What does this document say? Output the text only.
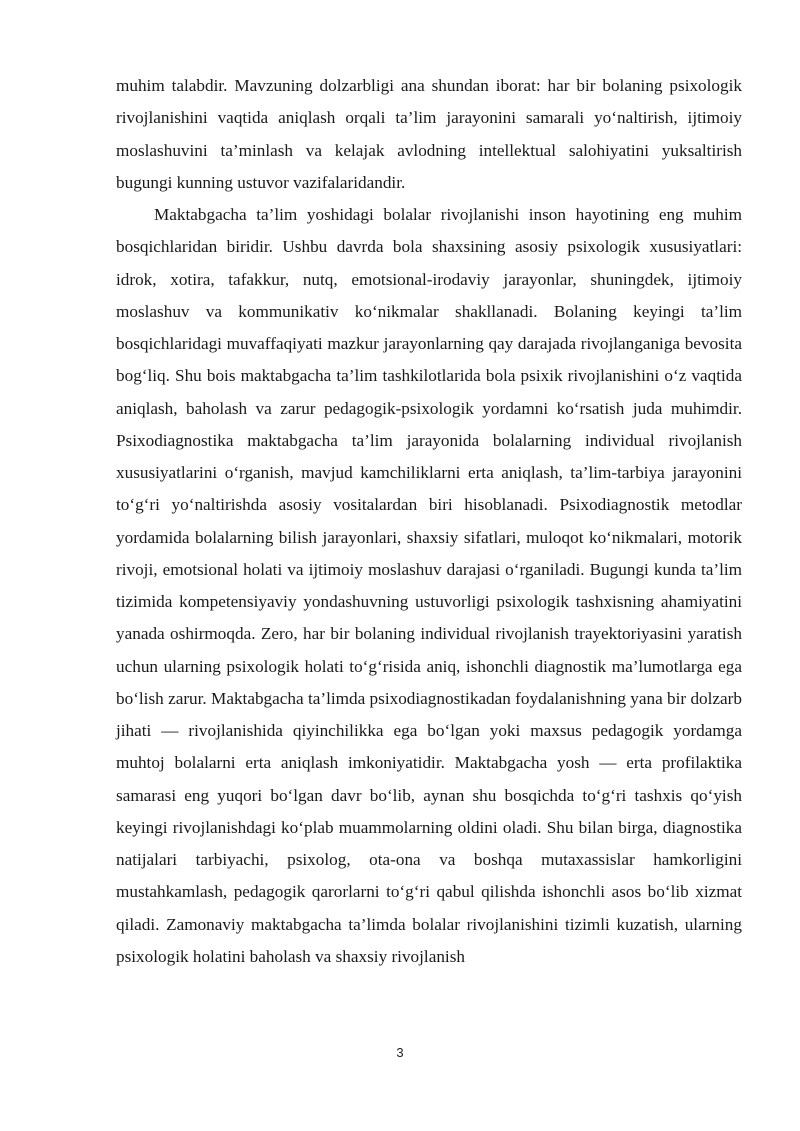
muhim talabdir. Mavzuning dolzarbligi ana shundan iborat: har bir bolaning psixologik rivojlanishini vaqtida aniqlash orqali ta’lim jarayonini samarali yo‘naltirish, ijtimoiy moslashuvini ta’minlash va kelajak avlodning intellektual salohiyatini yuksaltirish bugungi kunning ustuvor vazifalaridandir.

Maktabgacha ta’lim yoshidagi bolalar rivojlanishi inson hayotining eng muhim bosqichlaridan biridir. Ushbu davrda bola shaxsining asosiy psixologik xususiyatlari: idrok, xotira, tafakkur, nutq, emotsional-irodaviy jarayonlar, shuningdek, ijtimoiy moslashuv va kommunikativ ko‘nikmalar shakllanadi. Bolaning keyingi ta’lim bosqichlaridagi muvaffaqiyati mazkur jarayonlarning qay darajada rivojlanganiga bevosita bog‘liq. Shu bois maktabgacha ta’lim tashkilotlarida bola psixik rivojlanishini o‘z vaqtida aniqlash, baholash va zarur pedagogik-psixologik yordamni ko‘rsatish juda muhimdir. Psixodiagnostika maktabgacha ta’lim jarayonida bolalarning individual rivojlanish xususiyatlarini o‘rganish, mavjud kamchiliklarni erta aniqlash, ta’lim-tarbiya jarayonini to‘g‘ri yo‘naltirishda asosiy vositalardan biri hisoblanadi. Psixodiagnostik metodlar yordamida bolalarning bilish jarayonlari, shaxsiy sifatlari, muloqot ko‘nikmalari, motorik rivoji, emotsional holati va ijtimoiy moslashuv darajasi o‘rganiladi. Bugungi kunda ta’lim tizimida kompetensiyaviy yondashuvning ustuvorligi psixologik tashxisning ahamiyatini yanada oshirmoqda. Zero, har bir bolaning individual rivojlanish trayektoriyasini yaratish uchun ularning psixologik holati to‘g‘risida aniq, ishonchli diagnostik ma’lumotlarga ega bo‘lish zarur. Maktabgacha ta’limda psixodiagnostikadan foydalanishning yana bir dolzarb jihati — rivojlanishida qiyinchilikka ega bo‘lgan yoki maxsus pedagogik yordamga muhtoj bolalarni erta aniqlash imkoniyatidir. Maktabgacha yosh — erta profilaktika samarasi eng yuqori bo‘lgan davr bo‘lib, aynan shu bosqichda to‘g‘ri tashxis qo‘yish keyingi rivojlanishdagi ko‘plab muammolarning oldini oladi. Shu bilan birga, diagnostika natijalari tarbiyachi, psixolog, ota-ona va boshqa mutaxassislar hamkorligini mustahkamlash, pedagogik qarorlarni to‘g‘ri qabul qilishda ishonchli asos bo‘lib xizmat qiladi. Zamonaviy maktabgacha ta’limda bolalar rivojlanishini tizimli kuzatish, ularning psixologik holatini baholash va shaxsiy rivojlanish

3
